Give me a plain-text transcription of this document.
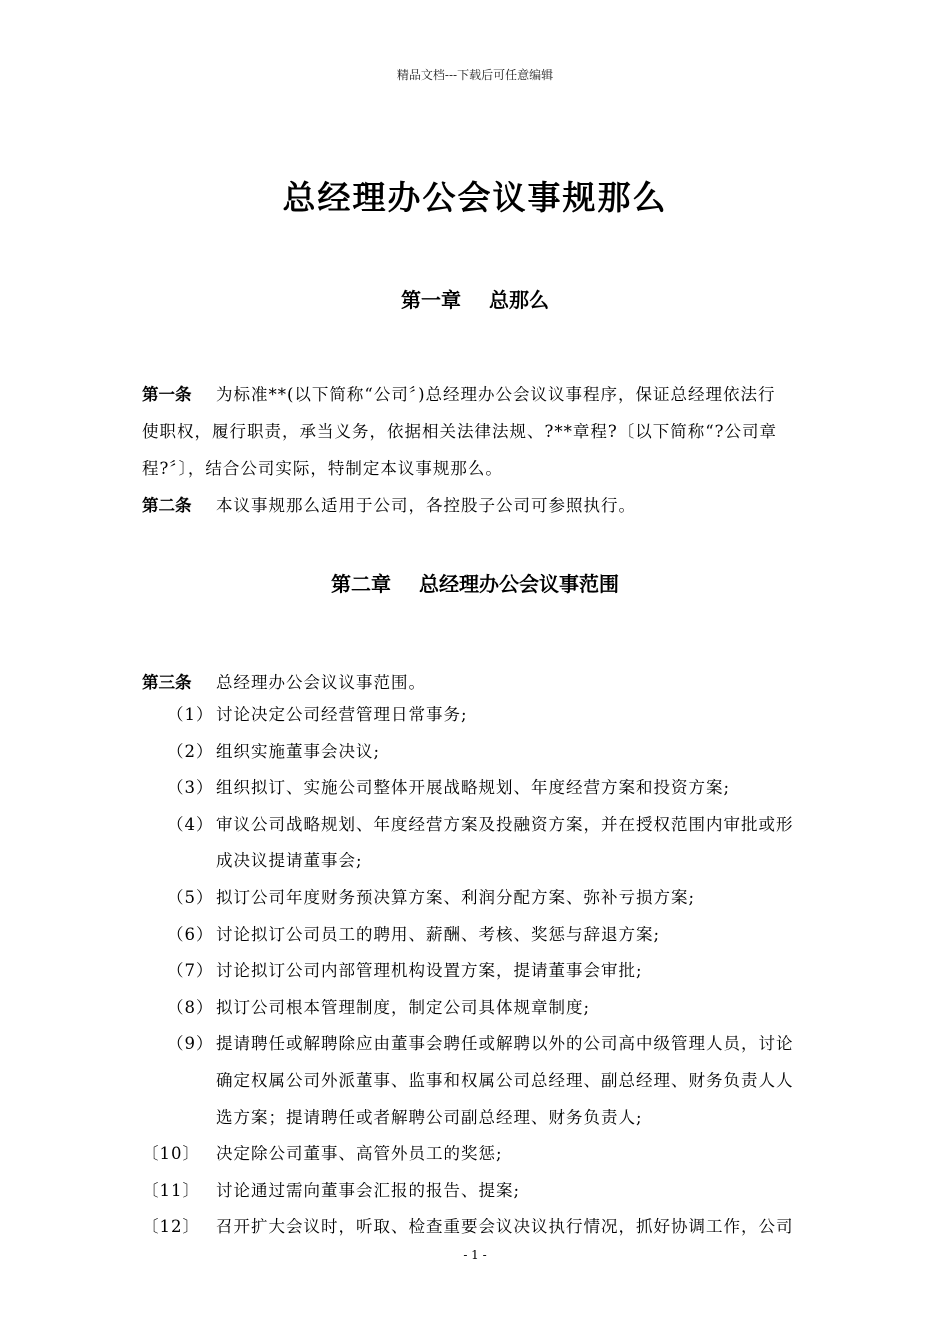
精品文档---下载后可任意编辑
总经理办公会议事规那么
第一章 总那么
第一条 为标准**(以下简称“公司〞)总经理办公会议议事程序，保证总经理依法行
使职权，履行职责，承当义务，依据相关法律法规、?**章程?〔以下简称“?公司章
程?〞〕，结合公司实际，特制定本议事规那么。
第二条 本议事规那么适用于公司，各控股子公司可参照执行。
第二章 总经理办公会议事范围
第三条 总经理办公会议议事范围。
（1） 讨论决定公司经营管理日常事务;
（2） 组织实施董事会决议;
（3） 组织拟订、实施公司整体开展战略规划、年度经营方案和投资方案;
（4） 审议公司战略规划、年度经营方案及投融资方案，并在授权范围内审批或形
成决议提请董事会;
（5） 拟订公司年度财务预决算方案、利润分配方案、弥补亏损方案;
（6） 讨论拟订公司员工的聘用、薪酬、考核、奖惩与辞退方案;
（7） 讨论拟订公司内部管理机构设置方案，提请董事会审批;
（8） 拟订公司根本管理制度，制定公司具体规章制度;
（9） 提请聘任或解聘除应由董事会聘任或解聘以外的公司高中级管理人员，讨论
确定权属公司外派董事、监事和权属公司总经理、副总经理、财务负责人人
选方案；提请聘任或者解聘公司副总经理、财务负责人;
〔10〕 决定除公司董事、高管外员工的奖惩;
〔11〕 讨论通过需向董事会汇报的报告、提案;
〔12〕 召开扩大会议时，听取、检查重要会议决议执行情况，抓好协调工作，公司
- 1 -
